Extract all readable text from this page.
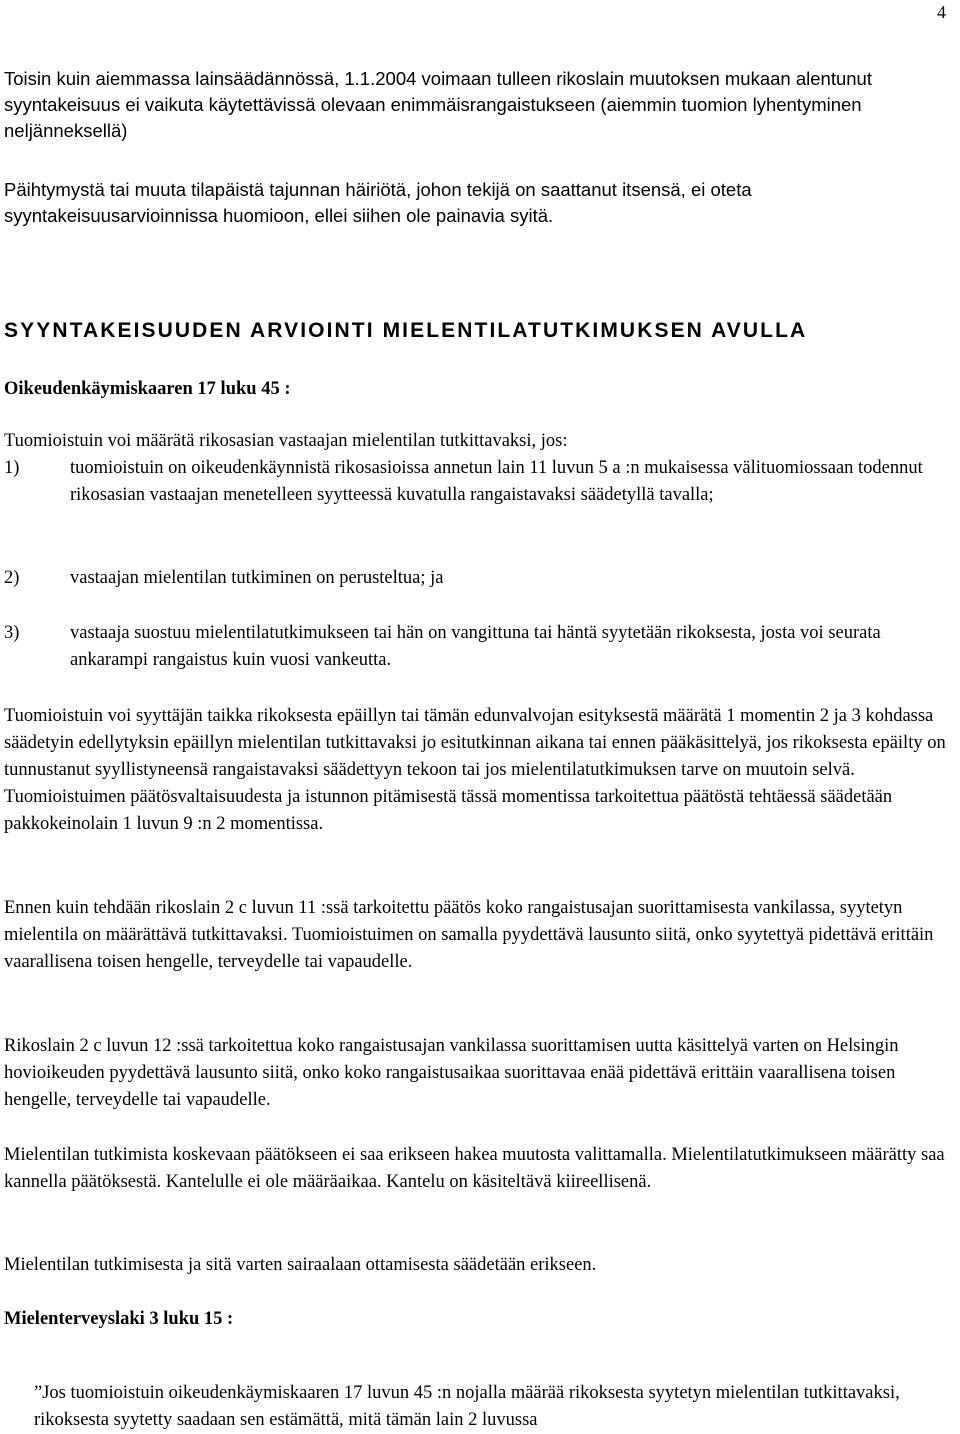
4

Toisin kuin aiemmassa lainsäädännössä, 1.1.2004 voimaan tulleen rikoslain muutoksen mukaan alentunut syyntakeisuus ei vaikuta käytettävissä olevaan enimmäisrangaistukseen (aiemmin tuomion lyhentyminen neljänneksellä)

Päihtymystä tai muuta tilapäistä tajunnan häiriötä, johon tekijä on saattanut itsensä, ei oteta syyntakeisuusarvioinnissa huomioon, ellei siihen ole painavia syitä.

SYYNTAKEISUUDEN ARVIOINTI MIELENTILATUTKIMUKSEN AVULLA

Oikeudenkäymiskaaren 17 luku 45 :

Tuomioistuin voi määrätä rikosasian vastaajan mielentilan tutkittavaksi, jos:

1)	tuomioistuin on oikeudenkäynnistä rikosasioissa annetun lain 11 luvun 5 a :n mukaisessa välituomiossaan todennut rikosasian vastaajan menetelleen syytteessä kuvatulla rangaistavaksi säädetyllä tavalla;
2)	vastaajan mielentilan tutkiminen on perusteltua; ja
3)	vastaaja suostuu mielentilatutkimukseen tai hän on vangittuna tai häntä syytetään rikoksesta, josta voi seurata ankarampi rangaistus kuin vuosi vankeutta.

Tuomioistuin voi syyttäjän taikka rikoksesta epäillyn tai tämän edunvalvojan esityksestä määrätä 1 momentin 2 ja 3 kohdassa säädetyin edellytyksin epäillyn mielentilan tutkittavaksi jo esitutkinnan aikana tai ennen pääkäsittelyä, jos rikoksesta epäilty on tunnustanut syyllistyneensä rangaistavaksi säädettyyn tekoon tai jos mielentilatutkimuksen tarve on muutoin selvä. Tuomioistuimen päätösvaltaisuudesta ja istunnon pitämisestä tässä momentissa tarkoitettua päätöstä tehtäessä säädetään pakkokeinolain 1 luvun 9 :n 2 momentissa.

Ennen kuin tehdään rikoslain 2 c luvun 11 :ssä tarkoitettu päätös koko rangaistusajan suorittamisesta vankilassa, syytetyn mielentila on määrättävä tutkittavaksi. Tuomioistuimen on samalla pyydettävä lausunto siitä, onko syytettyä pidettävä erittäin vaarallisena toisen hengelle, terveydelle tai vapaudelle.

Rikoslain 2 c luvun 12 :ssä tarkoitettua koko rangaistusajan vankilassa suorittamisen uutta käsittelyä varten on Helsingin hovioikeuden pyydettävä lausunto siitä, onko koko rangaistusaikaa suorittavaa enää pidettävä erittäin vaarallisena toisen hengelle, terveydelle tai vapaudelle.

Mielentilan tutkimista koskevaan päätökseen ei saa erikseen hakea muutosta valittamalla. Mielentilatutkimukseen määrätty saa kannella päätöksestä. Kantelulle ei ole määräaikaa. Kantelu on käsiteltävä kiireellisenä.

Mielentilan tutkimisesta ja sitä varten sairaalaan ottamisesta säädetään erikseen.

Mielenterveyslaki 3 luku 15 :

”Jos tuomioistuin oikeudenkäymiskaaren 17 luvun 45 :n nojalla määrää rikoksesta syytetyn mielentilan tutkittavaksi, rikoksesta syytetty saadaan sen estämättä, mitä tämän lain 2 luvussa
